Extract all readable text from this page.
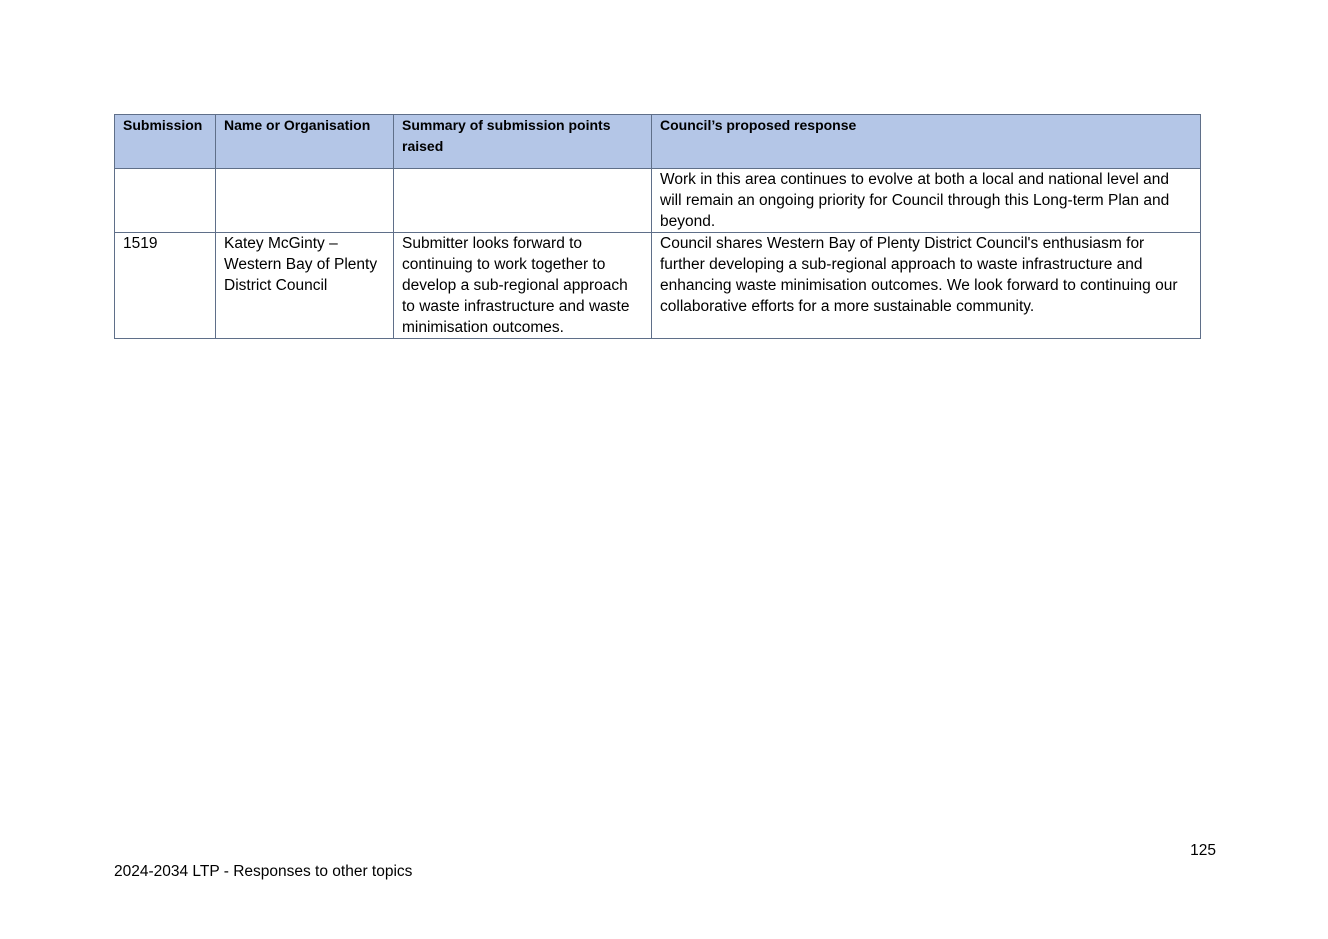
Submission	Name or Organisation	Summary of submission points raised	Council’s proposed response

			Work in this area continues to evolve at both a local and national level and will remain an ongoing priority for Council through this Long-term Plan and beyond.
1519	Katey McGinty – Western Bay of Plenty District Council	Submitter looks forward to continuing to work together to develop a sub-regional approach to waste infrastructure and waste minimisation outcomes.	Council shares Western Bay of Plenty District Council's enthusiasm for further developing a sub-regional approach to waste infrastructure and enhancing waste minimisation outcomes. We look forward to continuing our collaborative efforts for a more sustainable community.
125
2024-2034 LTP - Responses to other topics
